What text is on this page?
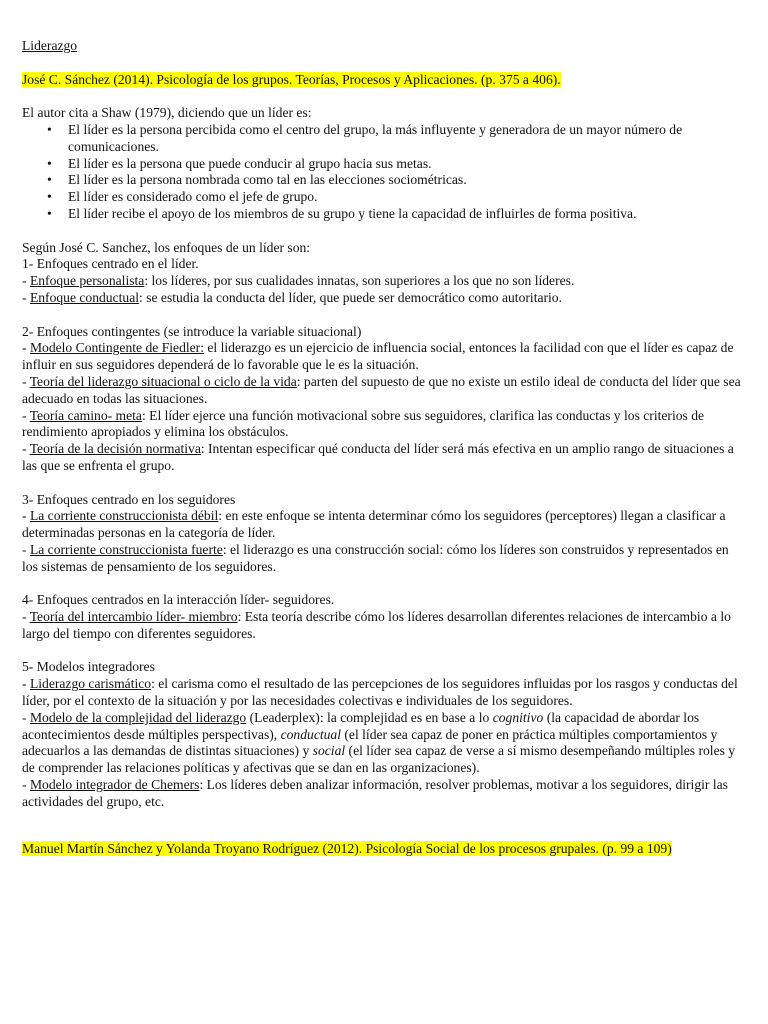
Liderazgo

José C. Sánchez (2014). Psicología de los grupos. Teorías, Procesos y Aplicaciones. (p. 375 a 406).

El autor cita a Shaw (1979), diciendo que un líder es:

• El líder es la persona percibida como el centro del grupo, la más influyente y generadora de un mayor número de comunicaciones.
• El líder es la persona que puede conducir al grupo hacia sus metas.
• El líder es la persona nombrada como tal en las elecciones sociométricas.
• El líder es considerado como el jefe de grupo.
• El líder recibe el apoyo de los miembros de su grupo y tiene la capacidad de influirles de forma positiva.

Según José C. Sanchez, los enfoques de un líder son:

1- Enfoques centrado en el líder.

- Enfoque personalista: los líderes, por sus cualidades innatas, son superiores a los que no son líderes.

- Enfoque conductual: se estudia la conducta del líder, que puede ser democrático como autoritario.

2- Enfoques contingentes (se introduce la variable situacional)

- Modelo Contingente de Fiedler: el liderazgo es un ejercicio de influencia social, entonces la facilidad con que el líder es capaz de influir en sus seguidores dependerá de lo favorable que le es la situación.

- Teoría del liderazgo situacional o ciclo de la vida: parten del supuesto de que no existe un estilo ideal de conducta del líder que sea adecuado en todas las situaciones.

- Teoría camino- meta: El líder ejerce una función motivacional sobre sus seguidores, clarifica las conductas y los criterios de rendimiento apropiados y elimina los obstáculos.

- Teoría de la decisión normativa: Intentan especificar qué conducta del líder será más efectiva en un amplio rango de situaciones a las que se enfrenta el grupo.

3- Enfoques centrado en los seguidores

- La corriente construccionista débil: en este enfoque se intenta determinar cómo los seguidores (perceptores) llegan a clasificar a determinadas personas en la categoría de líder.

- La corriente construccionista fuerte: el liderazgo es una construcción social: cómo los líderes son construidos y representados en los sistemas de pensamiento de los seguidores.

4- Enfoques centrados en la interacción líder- seguidores.

- Teoría del intercambio líder- miembro: Esta teoría describe cómo los líderes desarrollan diferentes relaciones de intercambio a lo largo del tiempo con diferentes seguidores.

5- Modelos integradores

- Liderazgo carismático: el carisma como el resultado de las percepciones de los seguidores influidas por los rasgos y conductas del líder, por el contexto de la situación y por las necesidades colectivas e individuales de los seguidores.

- Modelo de la complejidad del liderazgo (Leaderplex): la complejidad es en base a lo cognitivo (la capacidad de abordar los acontecimientos desde múltiples perspectivas), conductual (el líder sea capaz de poner en práctica múltiples comportamientos y adecuarlos a las demandas de distintas situaciones) y social (el líder sea capaz de verse a sí mismo desempeñando múltiples roles y de comprender las relaciones políticas y afectivas que se dan en las organizaciones).

- Modelo integrador de Chemers: Los líderes deben analizar información, resolver problemas, motivar a los seguidores, dirigir las actividades del grupo, etc.

Manuel Martín Sánchez y Yolanda Troyano Rodríguez (2012). Psicología Social de los procesos grupales. (p. 99 a 109)
